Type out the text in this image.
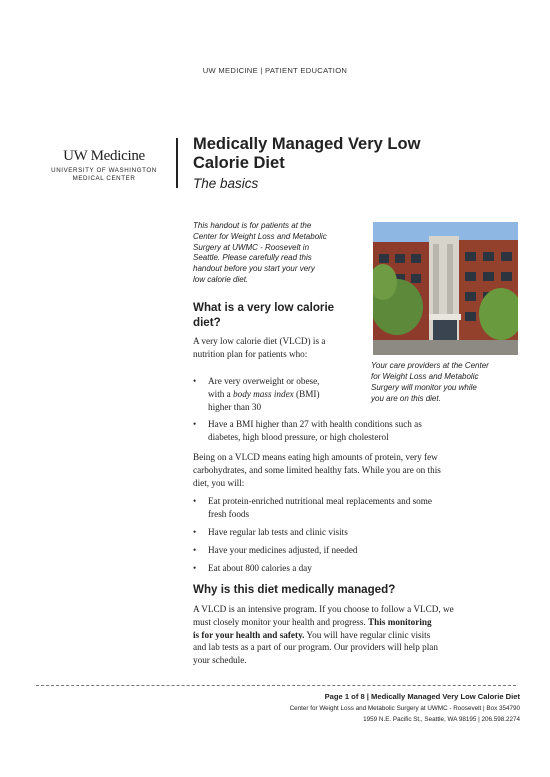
UW MEDICINE | PATIENT EDUCATION
UW Medicine
UNIVERSITY OF WASHINGTON
MEDICAL CENTER
Medically Managed Very Low
Calorie Diet
The basics
This handout is for patients at the
Center for Weight Loss and Metabolic
Surgery at UWMC - Roosevelt in
Seattle. Please carefully read this
handout before you start your very
low calorie diet.
Your care providers at the Center
for Weight Loss and Metabolic
Surgery will monitor you while
you are on this diet.
What is a very low calorie
diet?
A very low calorie diet (VLCD) is a
nutrition plan for patients who:
• Are very overweight or obese,
with a body mass index (BMI)
higher than 30
• Have a BMI higher than 27 with health conditions such as
diabetes, high blood pressure, or high cholesterol
Being on a VLCD means eating high amounts of protein, very few
carbohydrates, and some limited healthy fats. While you are on this
diet, you will:
• Eat protein-enriched nutritional meal replacements and some
fresh foods
• Have regular lab tests and clinic visits
• Have your medicines adjusted, if needed
• Eat about 800 calories a day
Why is this diet medically managed?
A VLCD is an intensive program. If you choose to follow a VLCD, we
must closely monitor your health and progress. This monitoring
is for your health and safety. You will have regular clinic visits
and lab tests as a part of our program. Our providers will help plan
your schedule.
Page 1 of 8 | Medically Managed Very Low Calorie Diet
Center for Weight Loss and Metabolic Surgery at UWMC - Roosevelt | Box 354790
1959 N.E. Pacific St., Seattle, WA 98195 | 206.598.2274
